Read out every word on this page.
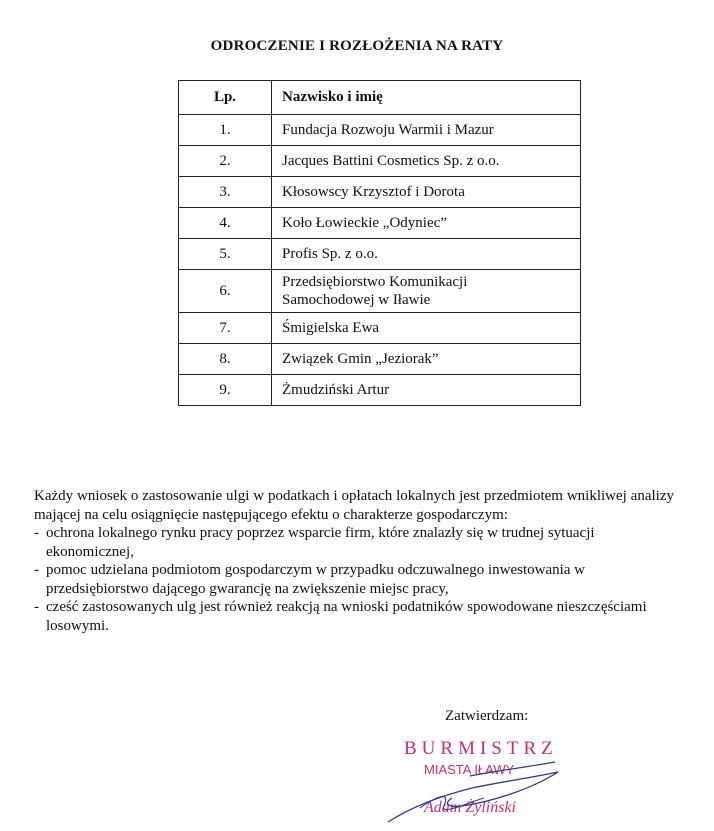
ODROCZENIE I ROZŁOŻENIA NA RATY
Lp.	Nazwisko i imię
1.	Fundacja Rozwoju Warmii i Mazur
2.	Jacques Battini Cosmetics Sp. z o.o.
3.	Kłosowscy Krzysztof i Dorota
4.	Koło Łowieckie „Odyniec”
5.	Profis Sp. z o.o.
6.	Przedsiębiorstwo Komunikacji
Samochodowej w Iławie
7.	Śmigielska Ewa
8.	Związek Gmin „Jeziorak”
9.	Żmudziński Artur

Każdy wniosek o zastosowanie ulgi w podatkach i opłatach lokalnych jest przedmiotem wnikliwej analizy mającej na celu osiągnięcie następującego efektu o charakterze gospodarczym:

- ochrona lokalnego rynku pracy poprzez wsparcie firm, które znalazły się w trudnej sytuacji ekonomicznej,
- pomoc udzielana podmiotom gospodarczym w przypadku odczuwalnego inwestowania w przedsiębiorstwo dającego gwarancję na zwiększenie miejsc pracy,
- cześć zastosowanych ulg jest również reakcją na wnioski podatników spowodowane nieszczęściami losowymi.
Zatwierdzam:
BURMISTRZ
MIASTA IŁAWY
Adam Żyliński
